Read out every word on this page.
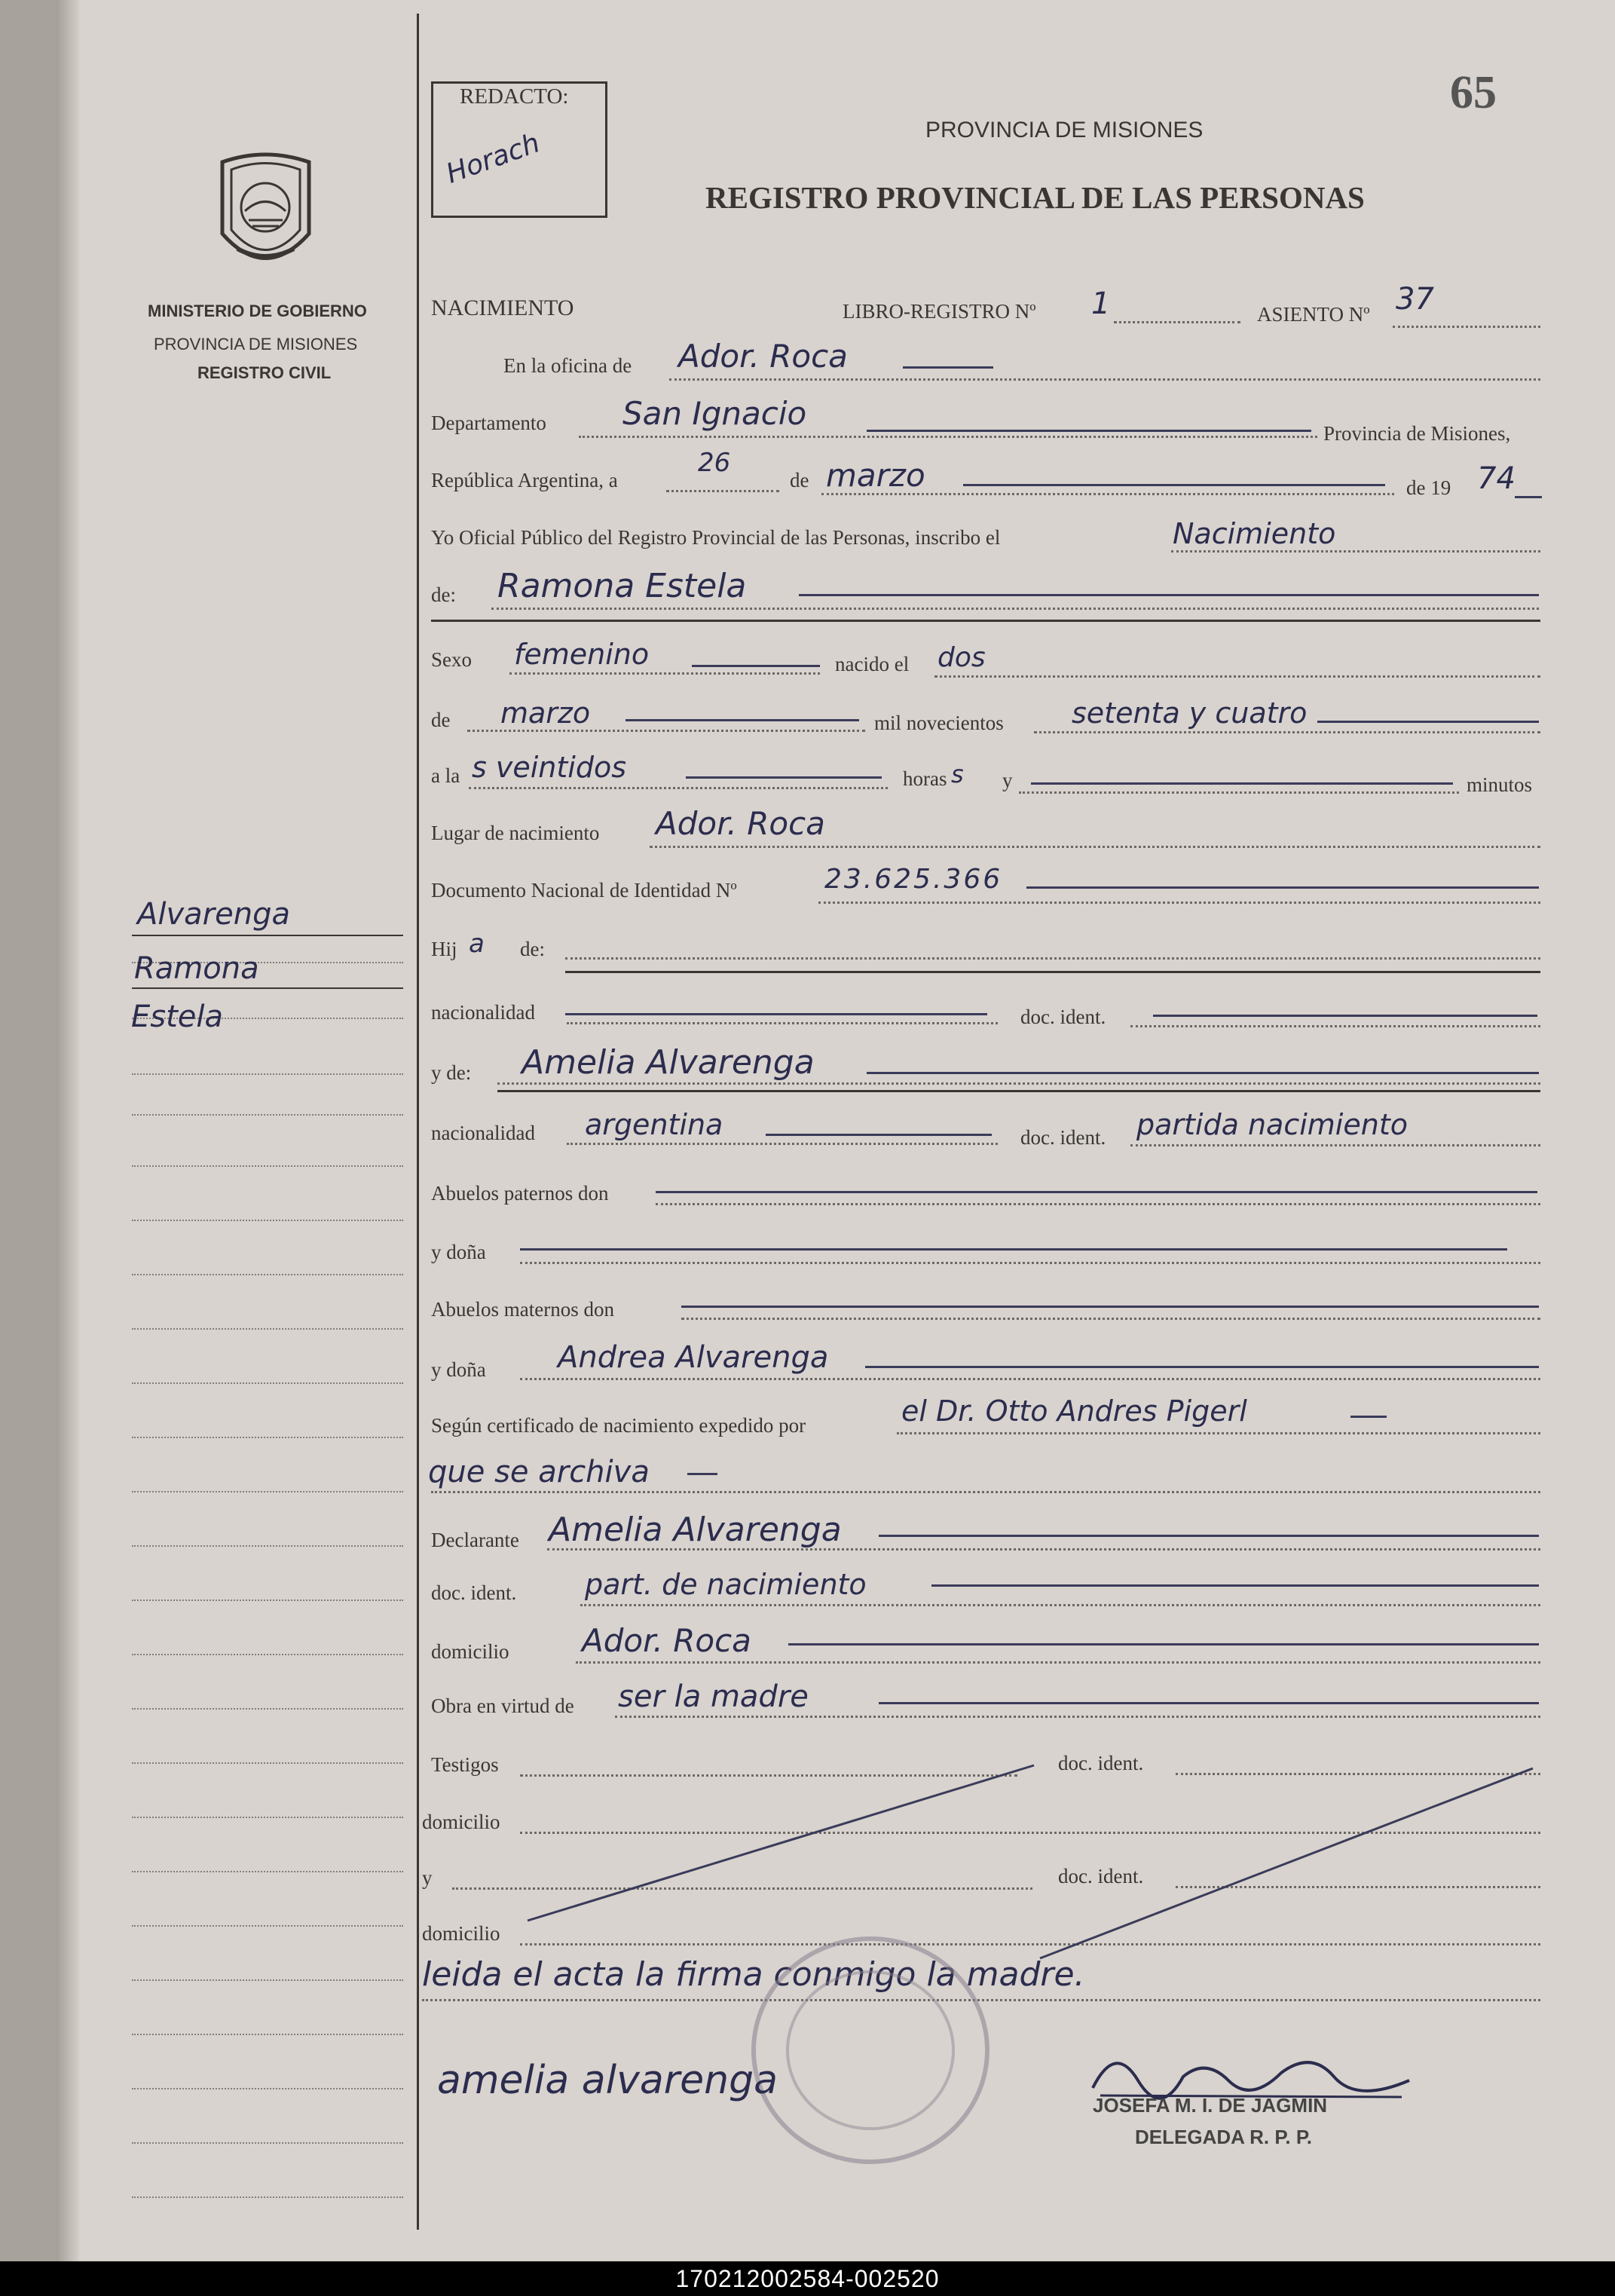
MINISTERIO DE GOBIERNO
PROVINCIA DE MISIONES
REGISTRO CIVIL
Alvarenga
Ramona
Estela
REDACTO:
Horach
65
PROVINCIA DE MISIONES
REGISTRO PROVINCIAL DE LAS PERSONAS
NACIMIENTO	LIBRO-REGISTRO Nº 1	ASIENTO Nº 37
En la oficina de Ador. Roca
Departamento San Ignacio
Provincia de Misiones,
República Argentina, a
26
de marzo	de 19 74
Yo Oficial Público del Registro Provincial de las Personas, inscribo el	Nacimiento
de: Ramona Estela
Sexo femenino	nacido el dos
de marzo	mil novecientos setenta y cuatro
a la s veintidos	horas s y	minutos
Lugar de nacimiento Ador. Roca
Documento Nacional de Identidad Nº	23.625.366
Hij a de:
nacionalidad	doc. ident.
y de: Amelia Alvarenga
nacionalidad argentina	doc. ident. partida nacimiento
Abuelos paternos don
y doña
Abuelos maternos don
y doña Andrea Alvarenga
Según certificado de nacimiento expedido por	el Dr. Otto Andres Pigerl
que se archiva
Declarante Amelia Alvarenga
doc. ident. part. de nacimiento
domicilio Ador. Roca
Obra en virtud de ser la madre
Testigos	doc. ident.
domicilio
y	doc. ident.
domicilio
leida el acta la firma conmigo la madre.
amelia alvarenga
JOSEFA M. I. DE JAGMIN
DELEGADA R. P. P.
170212002584-002520
